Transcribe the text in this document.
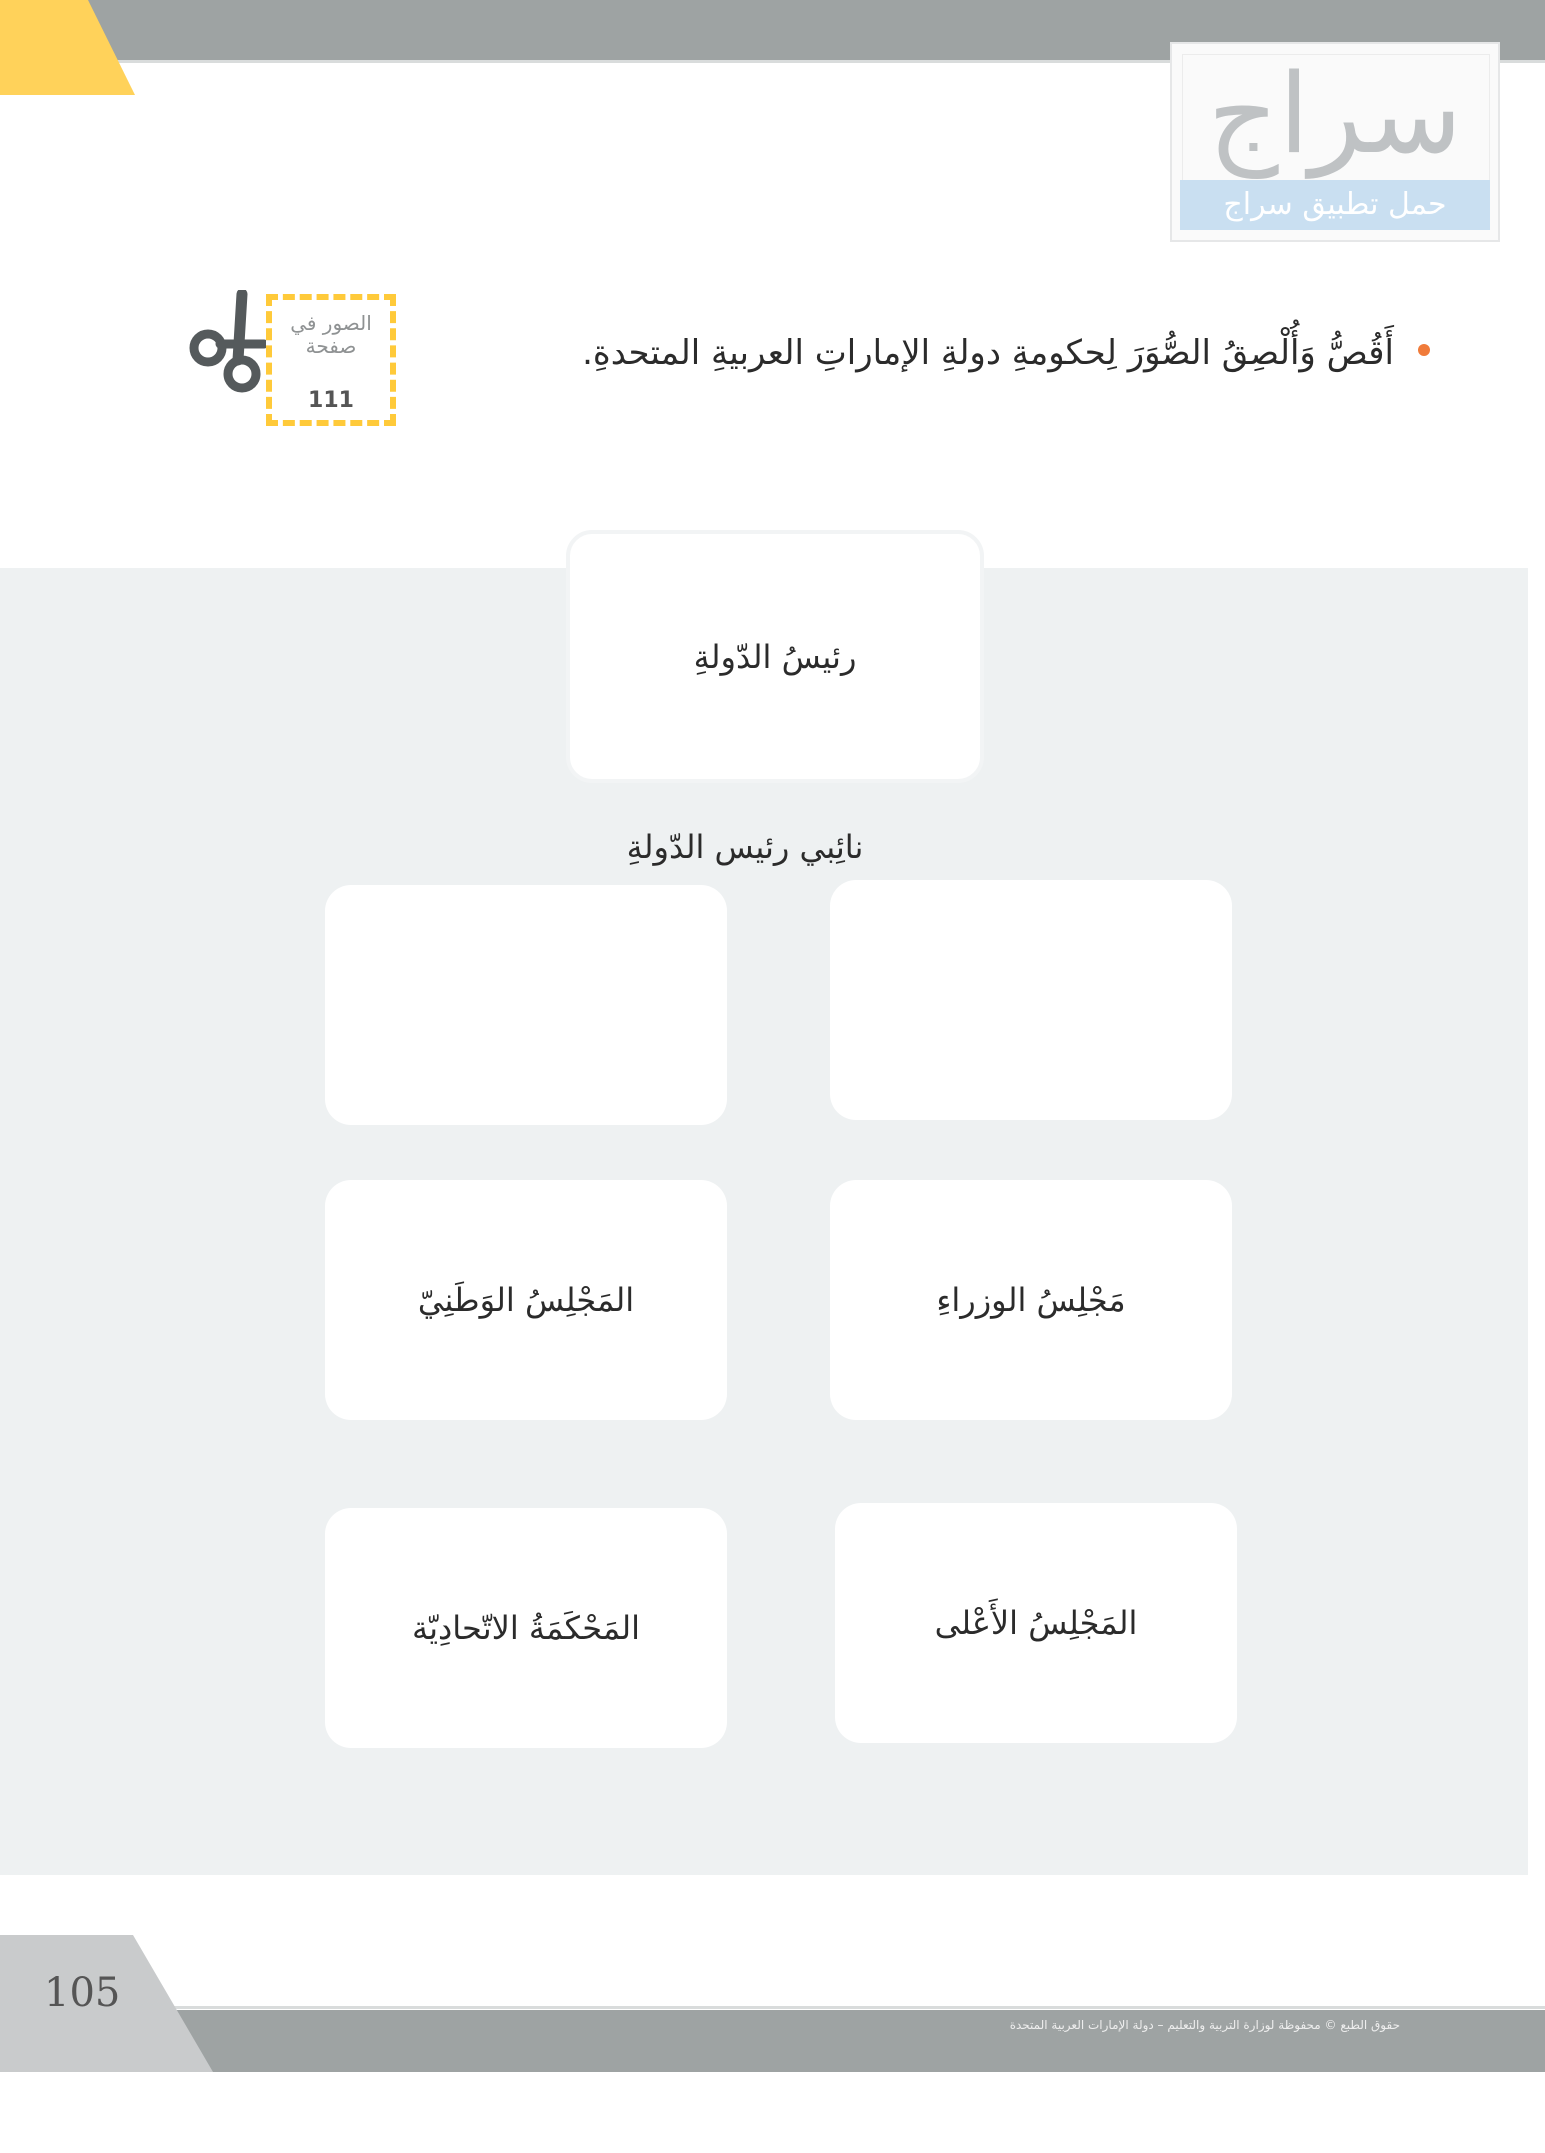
سراج
حمل تطبيق سراج
أَقُصُّ وَأُلْصِقُ الصُّوَرَ لِحكومةِ دولةِ الإماراتِ العربيةِ المتحدةِ.
الصور في صفحة
111
رئيسُ الدّولةِ
نائِبي رئيس الدّولةِ
المَجْلِسُ الوَطَنِيّ	مَجْلِسُ الوزراءِ
المَحْكَمَةُ الاتّحادِيّة	المَجْلِسُ الأَعْلى
105
حقوق الطبع © محفوظة لوزارة التربية والتعليم – دولة الإمارات العربية المتحدة
